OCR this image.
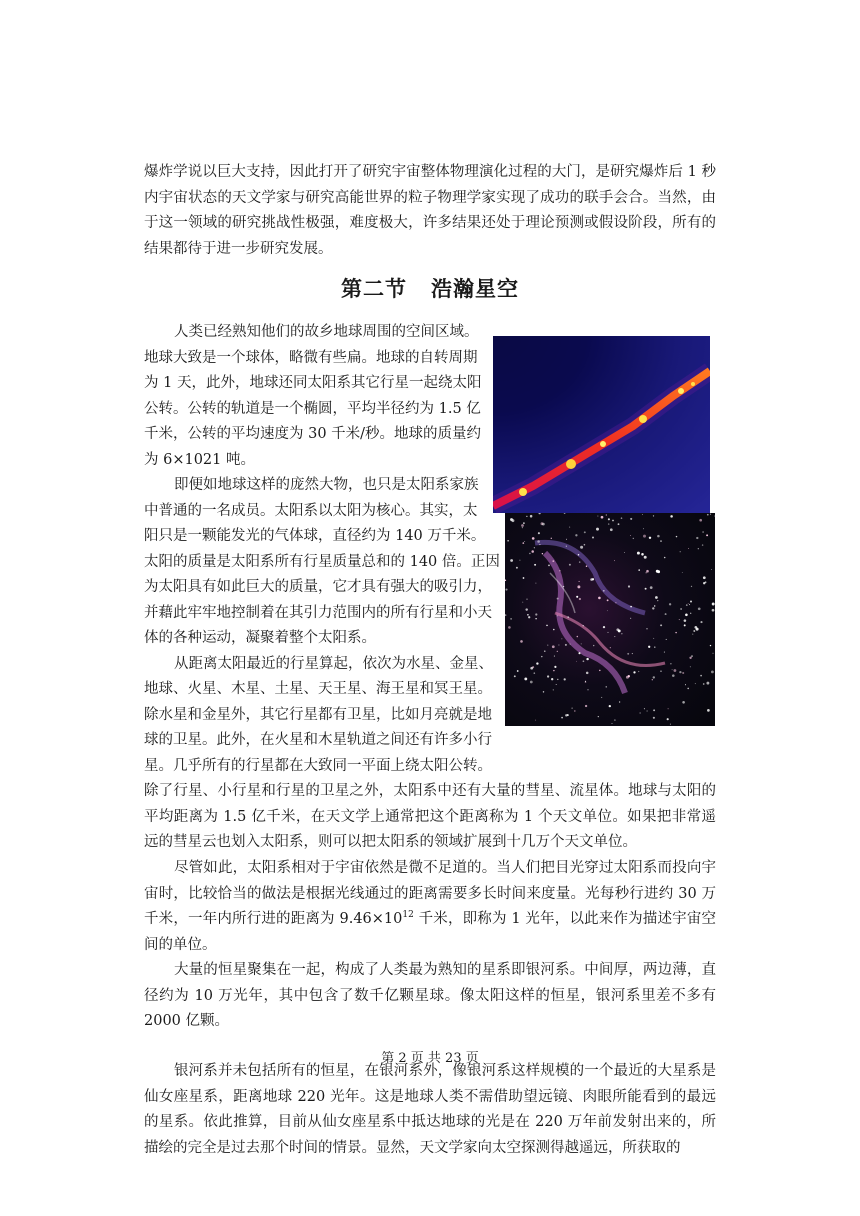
爆炸学说以巨大支持，因此打开了研究宇宙整体物理演化过程的大门，是研究爆炸后 1 秒内宇宙状态的天文学家与研究高能世界的粒子物理学家实现了成功的联手会合。当然，由于这一领域的研究挑战性极强，难度极大，许多结果还处于理论预测或假设阶段，所有的结果都待于进一步研究发展。

第二节 浩瀚星空

人类已经熟知他们的故乡地球周围的空间区域。

地球大致是一个球体，略微有些扁。地球的自转周期

为 1 天，此外，地球还同太阳系其它行星一起绕太阳

公转。公转的轨道是一个椭圆，平均半径约为 1.5 亿

千米，公转的平均速度为 30 千米/秒。地球的质量约

为 6×1021 吨。

即便如地球这样的庞然大物，也只是太阳系家族

中普通的一名成员。太阳系以太阳为核心。其实，太

阳只是一颗能发光的气体球，直径约为 140 万千米。

太阳的质量是太阳系所有行星质量总和的 140 倍。正因

为太阳具有如此巨大的质量，它才具有强大的吸引力，

并藉此牢牢地控制着在其引力范围内的所有行星和小天

体的各种运动，凝聚着整个太阳系。

从距离太阳最近的行星算起，依次为水星、金星、

地球、火星、木星、土星、天王星、海王星和冥王星。

除水星和金星外，其它行星都有卫星，比如月亮就是地

球的卫星。此外，在火星和木星轨道之间还有许多小行

星。几乎所有的行星都在大致同一平面上绕太阳公转。

除了行星、小行星和行星的卫星之外，太阳系中还有大量的彗星、流星体。地球与太阳的平均距离为 1.5 亿千米，在天文学上通常把这个距离称为 1 个天文单位。如果把非常遥远的彗星云也划入太阳系，则可以把太阳系的领域扩展到十几万个天文单位。

尽管如此，太阳系相对于宇宙依然是微不足道的。当人们把目光穿过太阳系而投向宇宙时，比较恰当的做法是根据光线通过的距离需要多长时间来度量。光每秒行进约 30 万千米，一年内所行进的距离为 $9.46\times 10^{12}$ 千米，即称为 1 光年，以此来作为描述宇宙空间的单位。

大量的恒星聚集在一起，构成了人类最为熟知的星系即银河系。中间厚，两边薄，直径约为 10 万光年，其中包含了数千亿颗星球。像太阳这样的恒星，银河系里差不多有 2000 亿颗。

银河系并未包括所有的恒星，在银河系外，像银河系这样规模的一个最近的大星系是仙女座星系，距离地球 220 光年。这是地球人类不需借助望远镜、肉眼所能看到的最远的星系。依此推算，目前从仙女座星系中抵达地球的光是在 220 万年前发射出来的，所描绘的完全是过去那个时间的情景。显然，天文学家向太空探测得越遥远，所获取的

第 2 页 共 23 页
